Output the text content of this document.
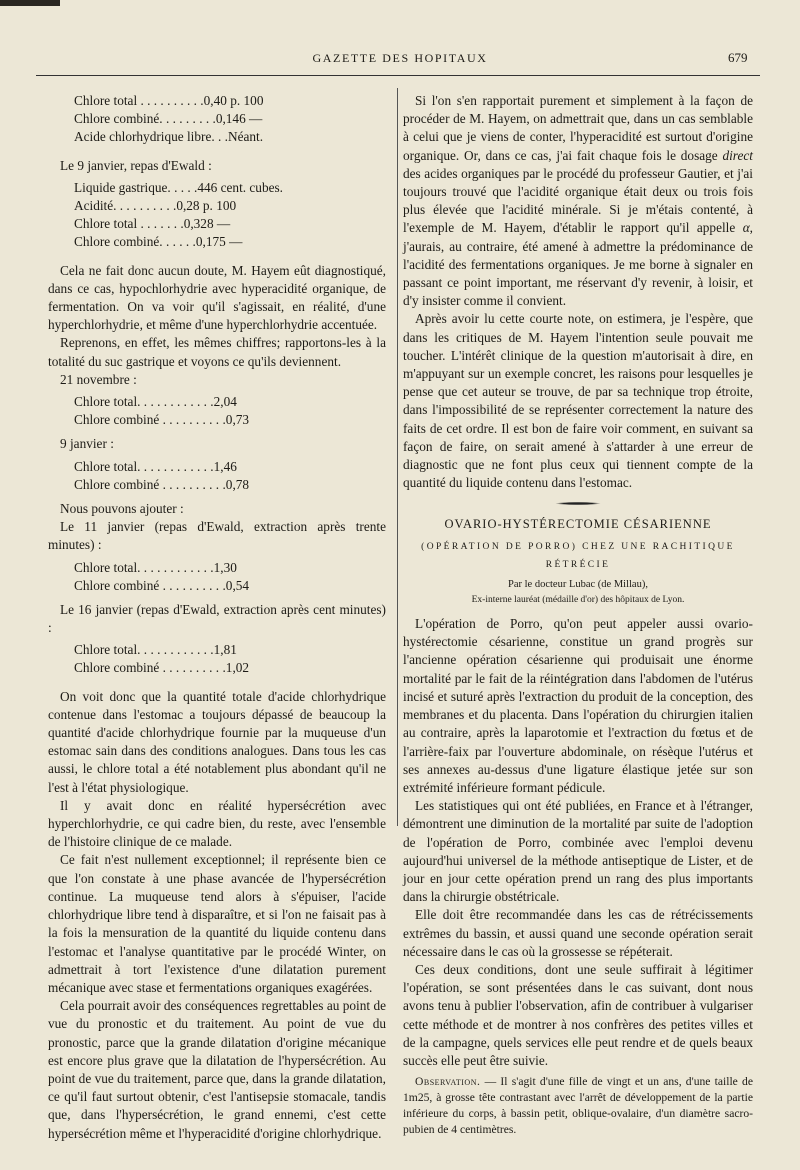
GAZETTE DES HOPITAUX	679
Chlore total . . . . . . . . . . 0,40 p. 100
Chlore combiné. . . . . . . . . 0,146 —
Acide chlorhydrique libre. . . Néant.

Le 9 janvier, repas d'Ewald :

Liquide gastrique. . . . . 446 cent. cubes.
Acidité. . . . . . . . . . 0,28 p. 100
Chlore total . . . . . . . 0,328 —
Chlore combiné. . . . . . 0,175 —

Cela ne fait donc aucun doute, M. Hayem eût diagnostiqué, dans ce cas, hypochlorhydrie avec hyperacidité organique, de fermentation. On va voir qu'il s'agissait, en réalité, d'une hyperchlorhydrie, et même d'une hyperchlorhydrie accentuée.

Reprenons, en effet, les mêmes chiffres; rapportons-les à la totalité du suc gastrique et voyons ce qu'ils deviennent.

21 novembre :

Chlore total. . . . . . . . . . . . 2,04
Chlore combiné . . . . . . . . . . 0,73

9 janvier :

Chlore total. . . . . . . . . . . . 1,46
Chlore combiné . . . . . . . . . . 0,78

Nous pouvons ajouter :

Le 11 janvier (repas d'Ewald, extraction après trente minutes) :

Chlore total. . . . . . . . . . . . 1,30
Chlore combiné . . . . . . . . . . 0,54

Le 16 janvier (repas d'Ewald, extraction après cent minutes) :

Chlore total. . . . . . . . . . . . 1,81
Chlore combiné . . . . . . . . . . 1,02

On voit donc que la quantité totale d'acide chlorhydrique contenue dans l'estomac a toujours dépassé de beaucoup la quantité d'acide chlorhydrique fournie par la muqueuse d'un estomac sain dans des conditions analogues. Dans tous les cas aussi, le chlore total a été notablement plus abondant qu'il ne l'est à l'état physiologique.

Il y avait donc en réalité hypersécrétion avec hyperchlorhydrie, ce qui cadre bien, du reste, avec l'ensemble de l'histoire clinique de ce malade.

Ce fait n'est nullement exceptionnel; il représente bien ce que l'on constate à une phase avancée de l'hypersécrétion continue. La muqueuse tend alors à s'épuiser, l'acide chlorhydrique libre tend à disparaître, et si l'on ne faisait pas à la fois la mensuration de la quantité du liquide contenu dans l'estomac et l'analyse quantitative par le procédé Winter, on admettrait à tort l'existence d'une dilatation purement mécanique avec stase et fermentations organiques exagérées.

Cela pourrait avoir des conséquences regrettables au point de vue du pronostic et du traitement. Au point de vue du pronostic, parce que la grande dilatation d'origine mécanique est encore plus grave que la dilatation de l'hypersécrétion. Au point de vue du traitement, parce que, dans la grande dilatation, ce qu'il faut surtout obtenir, c'est l'antisepsie stomacale, tandis que, dans l'hypersécrétion, le grand ennemi, c'est cette hypersécrétion même et l'hyperacidité d'origine chlorhydrique.

Si l'on s'en rapportait purement et simplement à la façon de procéder de M. Hayem, on admettrait que, dans un cas semblable à celui que je viens de conter, l'hyperacidité est surtout d'origine organique. Or, dans ce cas, j'ai fait chaque fois le dosage direct des acides organiques par le procédé du professeur Gautier, et j'ai toujours trouvé que l'acidité organique était deux ou trois fois plus élevée que l'acidité minérale. Si je m'étais contenté, à l'exemple de M. Hayem, d'établir le rapport qu'il appelle α, j'aurais, au contraire, été amené à admettre la prédominance de l'acidité des fermentations organiques. Je me borne à signaler en passant ce point important, me réservant d'y revenir, à loisir, et d'y insister comme il convient.

Après avoir lu cette courte note, on estimera, je l'espère, que dans les critiques de M. Hayem l'intention seule pouvait me toucher. L'intérêt clinique de la question m'autorisait à dire, en m'appuyant sur un exemple concret, les raisons pour lesquelles je pense que cet auteur se trouve, de par sa technique trop étroite, dans l'impossibilité de se représenter correctement la nature des faits de cet ordre. Il est bon de faire voir comment, en suivant sa façon de faire, on serait amené à s'attarder à une erreur de diagnostic que ne font plus ceux qui tiennent compte de la quantité du liquide contenu dans l'estomac.

OVARIO-HYSTÉRECTOMIE CÉSARIENNE
(OPÉRATION DE PORRO) CHEZ UNE RACHITIQUE RÉTRÉCIE
Par le docteur Lubac (de Millau),
Ex-interne lauréat (médaille d'or) des hôpitaux de Lyon.

L'opération de Porro, qu'on peut appeler aussi ovario-hystérectomie césarienne, constitue un grand progrès sur l'ancienne opération césarienne qui produisait une énorme mortalité par le fait de la réintégration dans l'abdomen de l'utérus incisé et suturé après l'extraction du produit de la conception, des membranes et du placenta. Dans l'opération du chirurgien italien au contraire, après la laparotomie et l'extraction du fœtus et de l'arrière-faix par l'ouverture abdominale, on résèque l'utérus et ses annexes au-dessus d'une ligature élastique jetée sur son extrémité inférieure formant pédicule.

Les statistiques qui ont été publiées, en France et à l'étranger, démontrent une diminution de la mortalité par suite de l'adoption de l'opération de Porro, combinée avec l'emploi devenu aujourd'hui universel de la méthode antiseptique de Lister, et de jour en jour cette opération prend un rang des plus importants dans la chirurgie obstétricale.

Elle doit être recommandée dans les cas de rétrécissements extrêmes du bassin, et aussi quand une seconde opération serait nécessaire dans le cas où la grossesse se répéterait.

Ces deux conditions, dont une seule suffirait à légitimer l'opération, se sont présentées dans le cas suivant, dont nous avons tenu à publier l'observation, afin de contribuer à vulgariser cette méthode et de montrer à nos confrères des petites villes et de la campagne, quels services elle peut rendre et de quels beaux succès elle peut être suivie.

Observation. — Il s'agit d'une fille de vingt et un ans, d'une taille de 1m25, à grosse tête contrastant avec l'arrêt de développement de la partie inférieure du corps, à bassin petit, oblique-ovalaire, d'un diamètre sacro-pubien de 4 centimètres.
